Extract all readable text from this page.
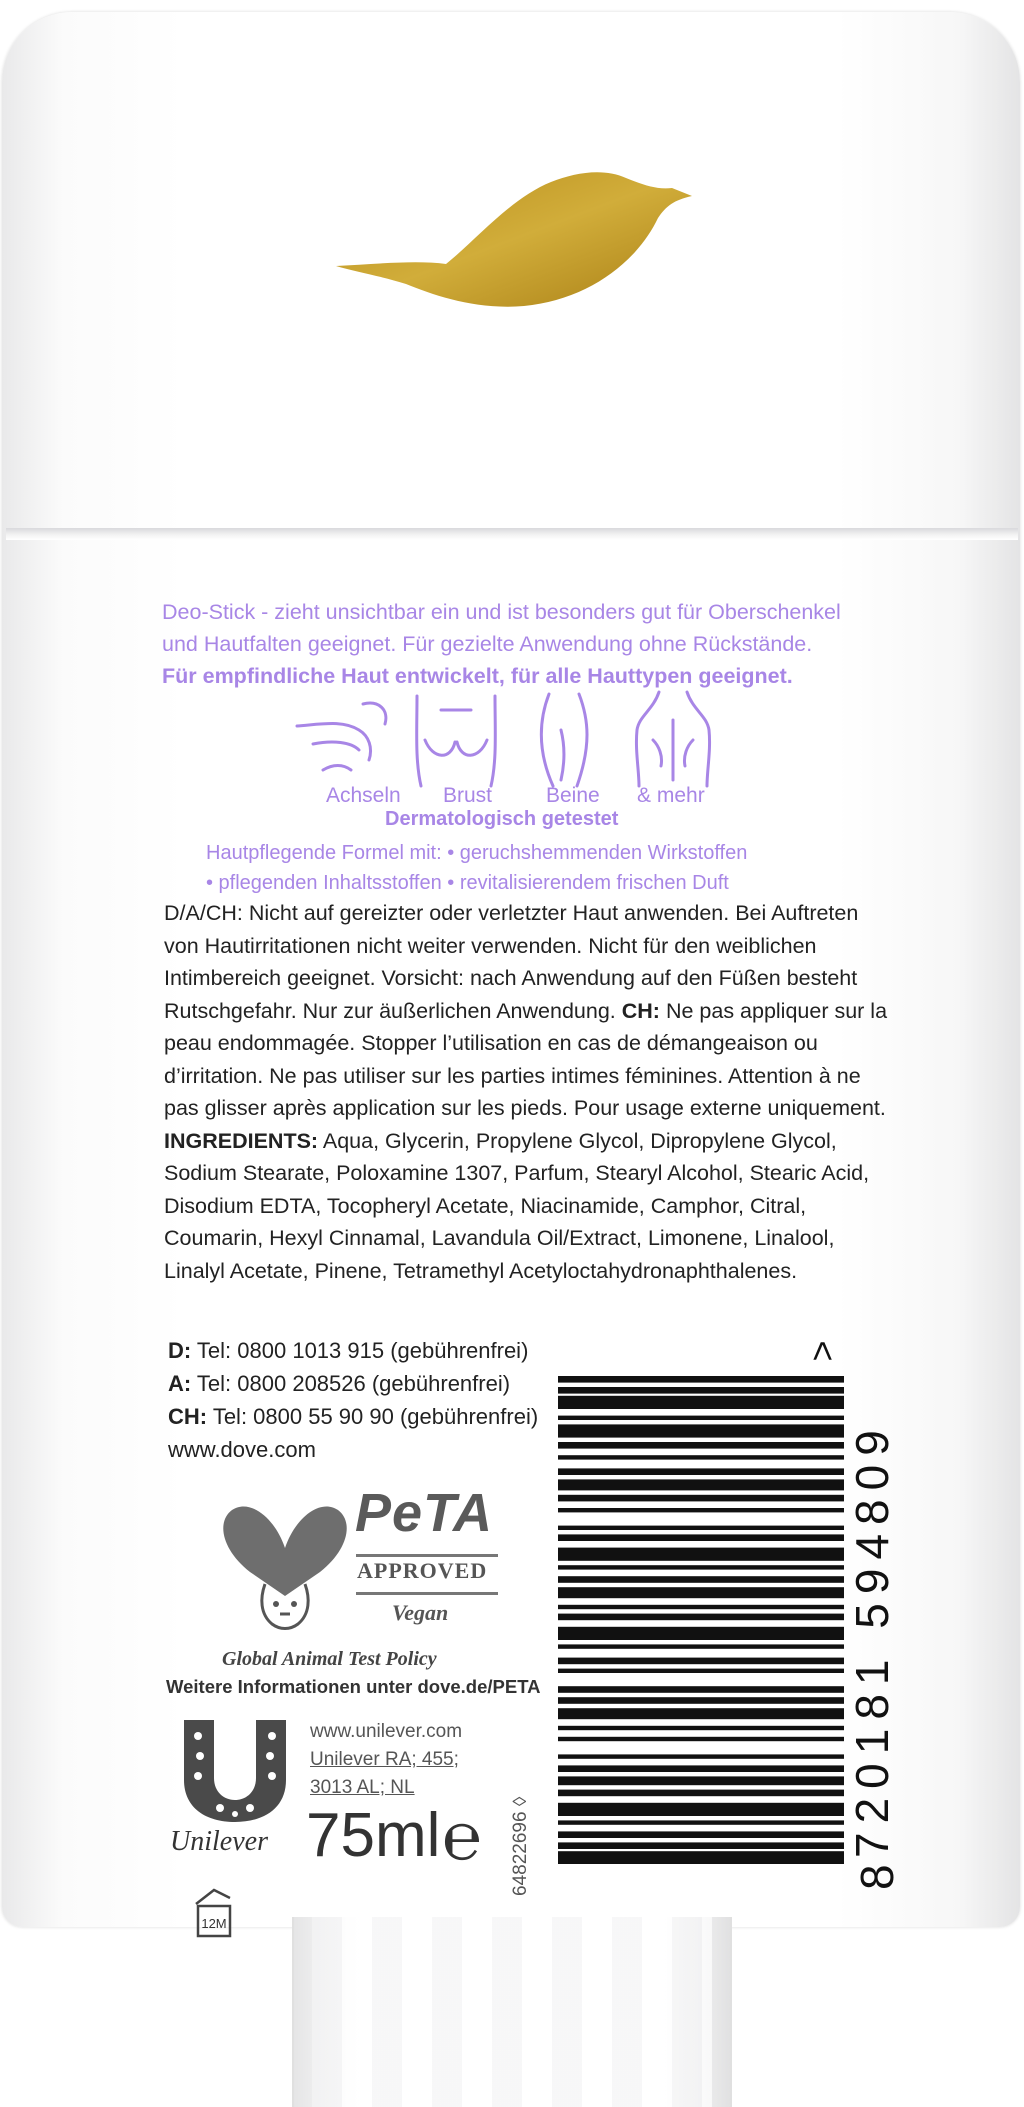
Deo-Stick - zieht unsichtbar ein und ist besonders gut für Oberschenkel
und Hautfalten geeignet. Für gezielte Anwendung ohne Rückstände.
Für empfindliche Haut entwickelt, für alle Hauttypen geeignet.
Achseln Brust	Beine & mehr
Dermatologisch getestet
Hautpflegende Formel mit: • geruchshemmenden Wirkstoffen
• pflegenden Inhaltsstoffen • revitalisierendem frischen Duft
D/A/CH: Nicht auf gereizter oder verletzter Haut anwenden. Bei Auftreten
von Hautirritationen nicht weiter verwenden. Nicht für den weiblichen
Intimbereich geeignet. Vorsicht: nach Anwendung auf den Füßen besteht
Rutschgefahr. Nur zur äußerlichen Anwendung. CH: Ne pas appliquer sur la
peau endommagée. Stopper l’utilisation en cas de démangeaison ou
d’irritation. Ne pas utiliser sur les parties intimes féminines. Attention à ne
pas glisser après application sur les pieds. Pour usage externe uniquement.
INGREDIENTS: Aqua, Glycerin, Propylene Glycol, Dipropylene Glycol,
Sodium Stearate, Poloxamine 1307, Parfum, Stearyl Alcohol, Stearic Acid,
Disodium EDTA, Tocopheryl Acetate, Niacinamide, Camphor, Citral,
Coumarin, Hexyl Cinnamal, Lavandula Oil/Extract, Limonene, Linalool,
Linalyl Acetate, Pinene, Tetramethyl Acetyloctahydronaphthalenes.
D: Tel: 0800 1013 915 (gebührenfrei)
A: Tel: 0800 208526 (gebührenfrei)
CH: Tel: 0800 55 90 90 (gebührenfrei)
www.dove.com
PeTA
APPROVED
Vegan
Global Animal Test Policy
Weitere Informationen unter dove.de/PETA
Unilever
www.unilever.com
Unilever RA; 455;
3013 AL; NL
75ml ℮ 64822696 ◊
12M
>
8
720181 594809
